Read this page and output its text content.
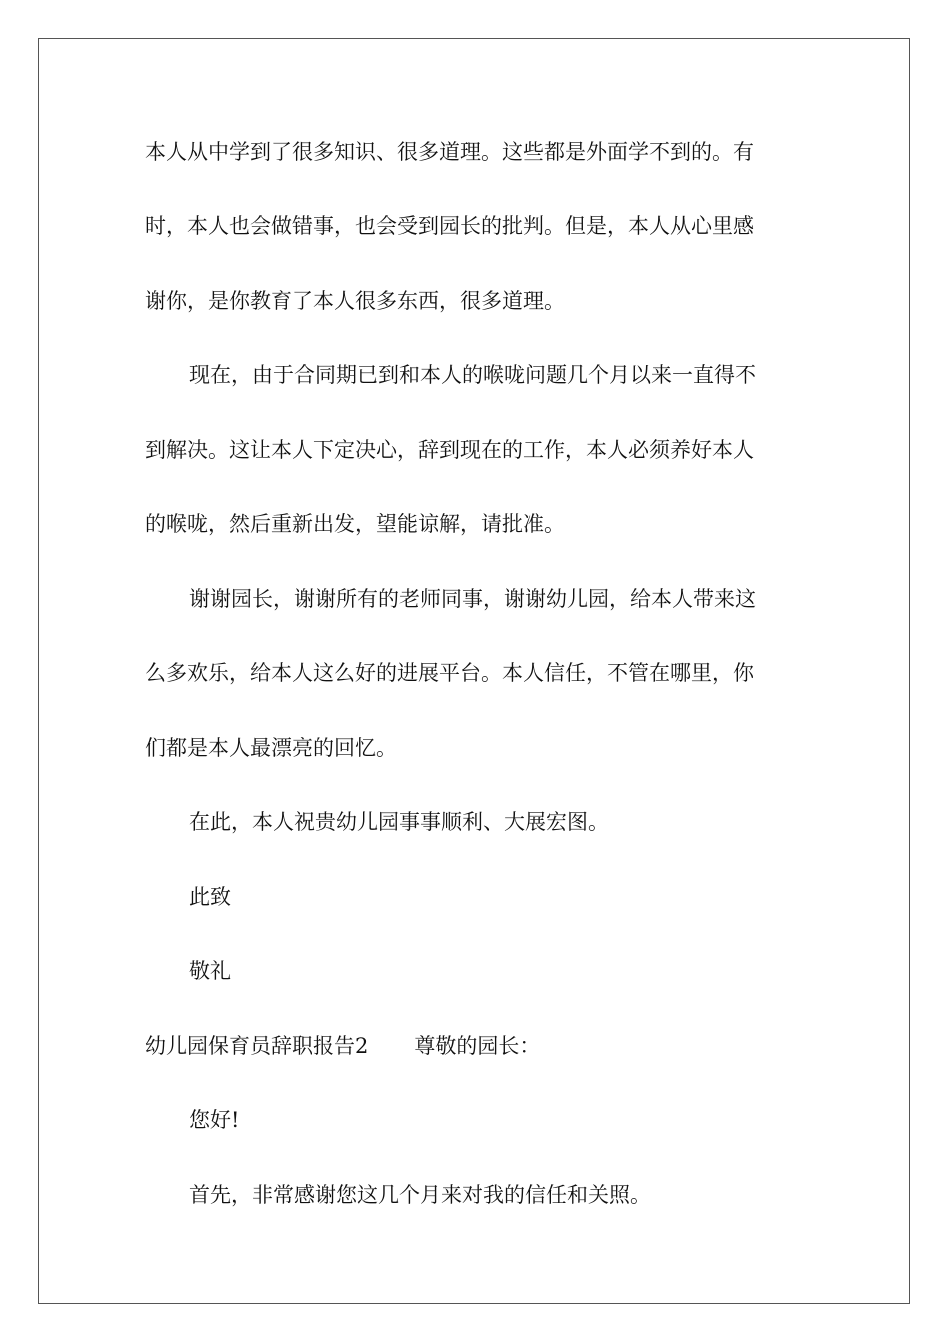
本人从中学到了很多知识、很多道理。这些都是外面学不到的。有

时，本人也会做错事，也会受到园长的批判。但是，本人从心里感

谢你，是你教育了本人很多东西，很多道理。

现在，由于合同期已到和本人的喉咙问题几个月以来一直得不

到解决。这让本人下定决心，辞到现在的工作，本人必须养好本人

的喉咙，然后重新出发，望能谅解，请批准。

谢谢园长，谢谢所有的老师同事，谢谢幼儿园，给本人带来这

么多欢乐，给本人这么好的进展平台。本人信任，不管在哪里，你

们都是本人最漂亮的回忆。

在此，本人祝贵幼儿园事事顺利、大展宏图。

此致

敬礼

幼儿园保育员辞职报告2 尊敬的园长：

您好!

首先，非常感谢您这几个月来对我的信任和关照。
